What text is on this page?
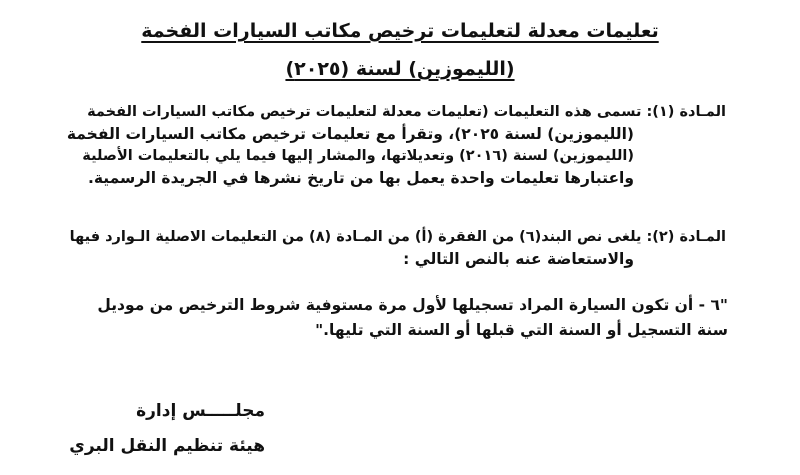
تعليمات معدلة لتعليمات ترخيص مكاتب السيارات الفخمة
(الليموزين) لسنة (٢٠٢٥)
المـادة (١): تسمى هذه التعليمات (تعليمات معدلة لتعليمات ترخيص مكاتب السيارات الفخمة
(الليموزين) لسنة ٢٠٢٥)، وتقرأ مع تعليمات ترخيص مكاتب السيارات الفخمة
(الليموزين) لسنة (٢٠١٦) وتعديلاتها، والمشار إليها فيما يلي بالتعليمات الأصلية
واعتبارها تعليمات واحدة يعمل بها من تاريخ نشرها في الجريدة الرسمية.
المـادة (٢): يلغى نص البند(٦) من الفقرة (أ) من المـادة (٨) من التعليمات الاصلية الـوارد فيها
والاستعاضة عنه بالنص التالي :
"٦ - أن تكون السيارة المراد تسجيلها لأول مرة مستوفية شروط الترخيص من موديل
سنة التسجيل أو السنة التي قبلها أو السنة التي تليها."
مجلـــــس إدارة
هيئة تنظيم النقل البري
